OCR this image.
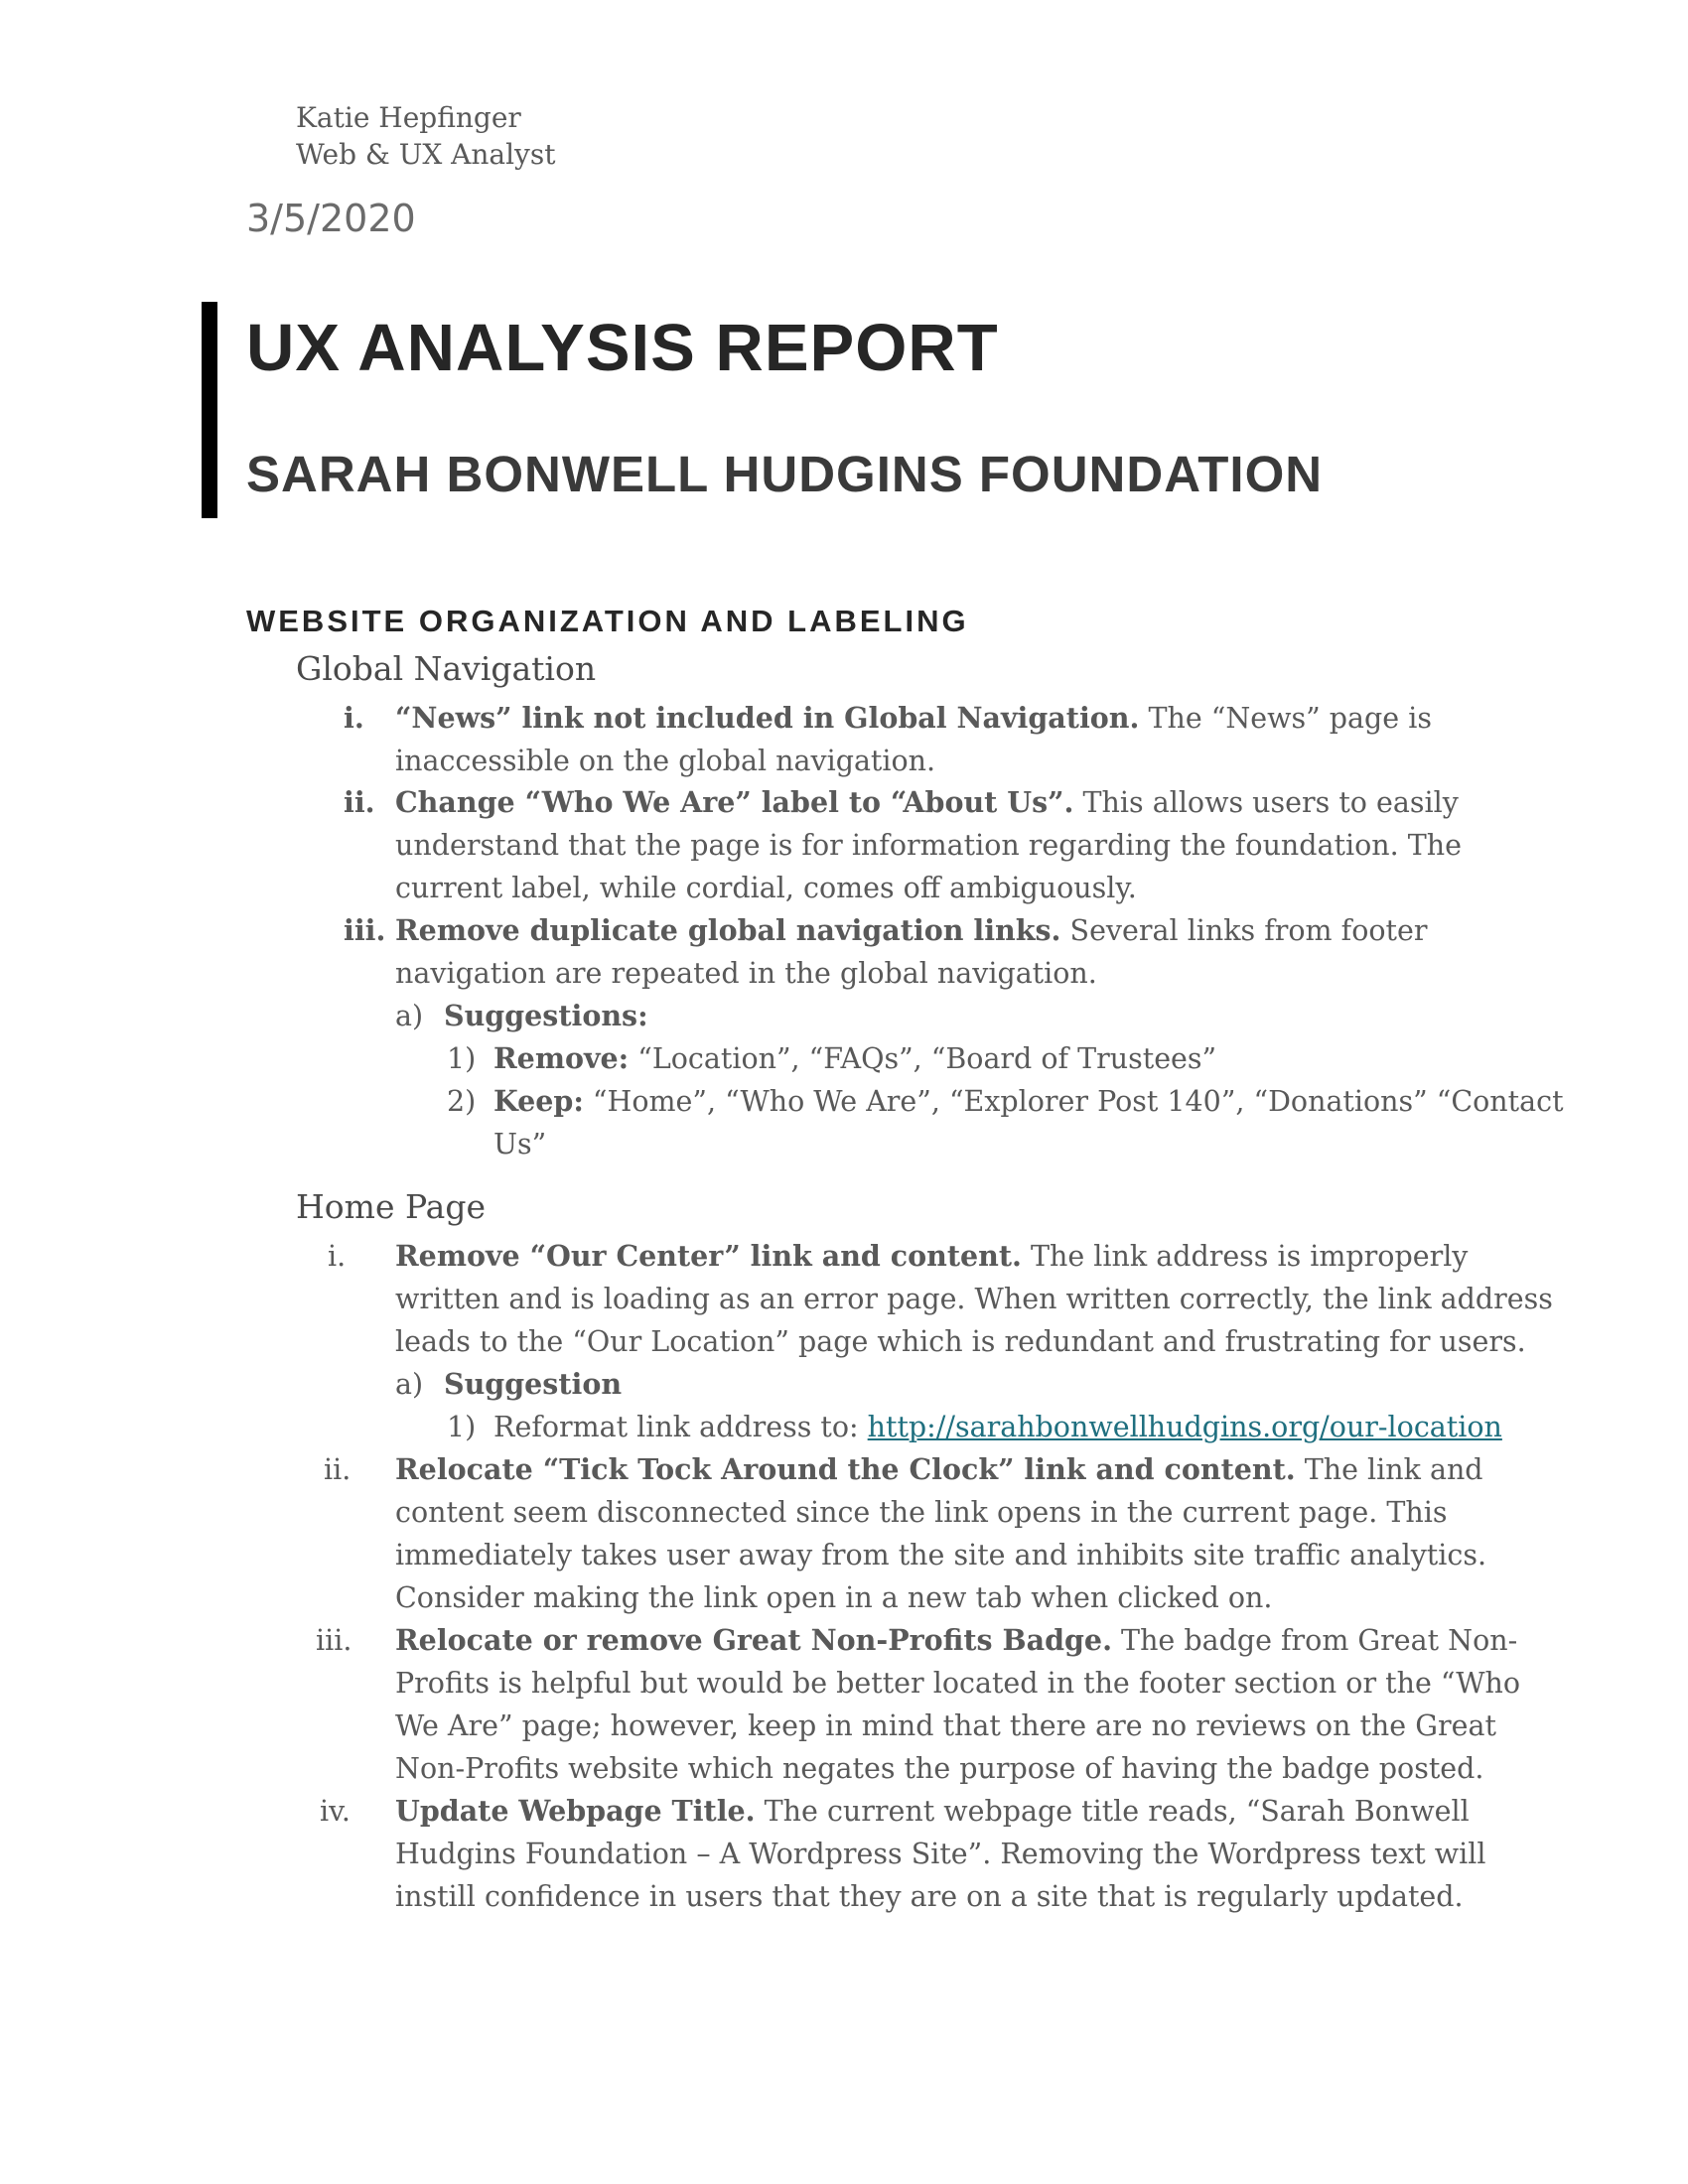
Katie Hepfinger
Web & UX Analyst
3/5/2020
UX ANALYSIS REPORT
SARAH BONWELL HUDGINS FOUNDATION
WEBSITE ORGANIZATION AND LABELING
Global Navigation
i. “News” link not included in Global Navigation. The “News” page is
inaccessible on the global navigation.
ii. Change “Who We Are” label to “About Us”. This allows users to easily
understand that the page is for information regarding the foundation. The
current label, while cordial, comes off ambiguously.
iii. Remove duplicate global navigation links. Several links from footer
navigation are repeated in the global navigation.
a) Suggestions:
1) Remove: “Location”, “FAQs”, “Board of Trustees”
2) Keep: “Home”, “Who We Are”, “Explorer Post 140”, “Donations” “Contact
Us”
Home Page
i. Remove “Our Center” link and content. The link address is improperly
written and is loading as an error page. When written correctly, the link address
leads to the “Our Location” page which is redundant and frustrating for users.
a) Suggestion
1) Reformat link address to: http://sarahbonwellhudgins.org/our-location
ii. Relocate “Tick Tock Around the Clock” link and content. The link and
content seem disconnected since the link opens in the current page. This
immediately takes user away from the site and inhibits site traffic analytics.
Consider making the link open in a new tab when clicked on.
iii. Relocate or remove Great Non-Profits Badge. The badge from Great Non-
Profits is helpful but would be better located in the footer section or the “Who
We Are” page; however, keep in mind that there are no reviews on the Great
Non-Profits website which negates the purpose of having the badge posted.
iv. Update Webpage Title. The current webpage title reads, “Sarah Bonwell
Hudgins Foundation – A Wordpress Site”. Removing the Wordpress text will
instill confidence in users that they are on a site that is regularly updated.
